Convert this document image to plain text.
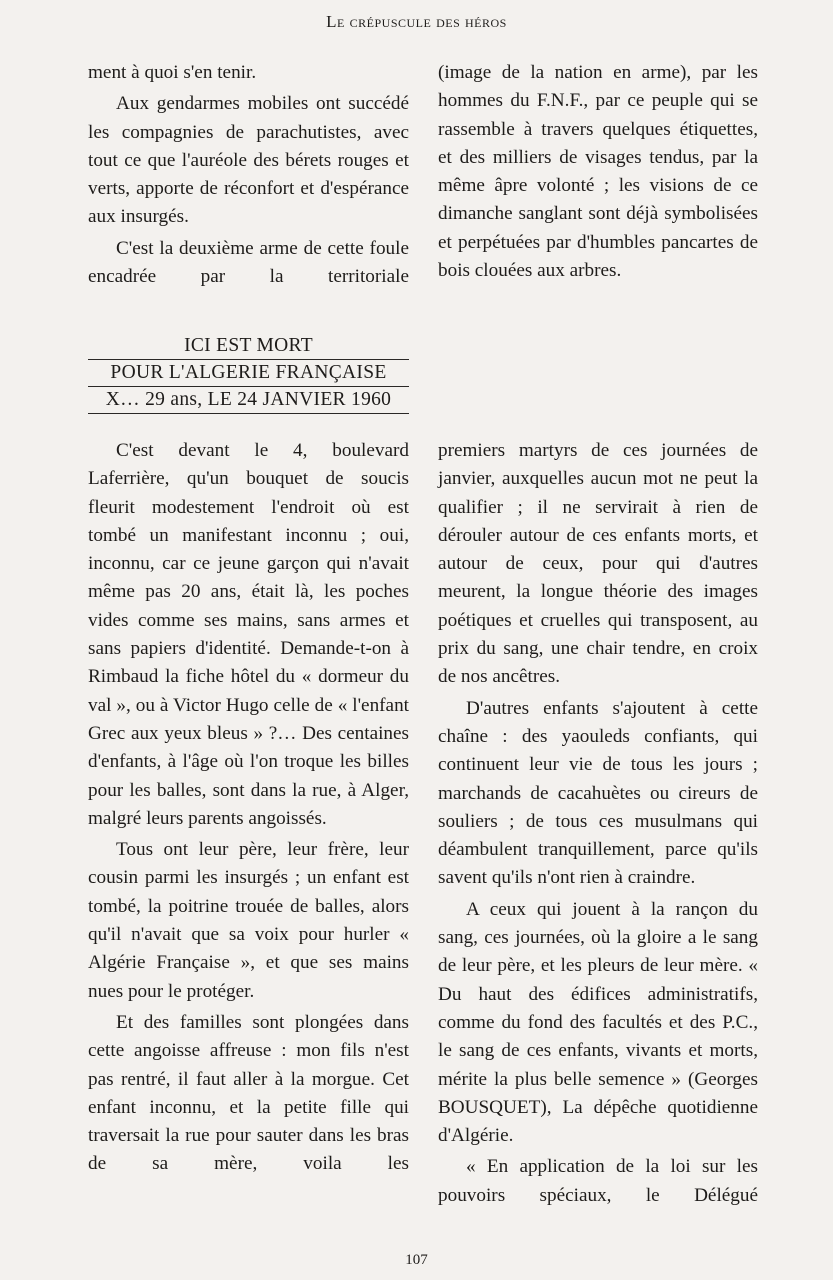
Le crépuscule des héros

ment à quoi s'en tenir.

Aux gendarmes mobiles ont succédé les compagnies de parachutistes, avec tout ce que l'auréole des bérets rouges et verts, apporte de réconfort et d'espérance aux insurgés.

C'est la deuxième arme de cette foule encadrée par la territoriale

(image de la nation en arme), par les hommes du F.N.F., par ce peuple qui se rassemble à travers quelques étiquettes, et des milliers de visages tendus, par la même âpre volonté ; les visions de ce dimanche sanglant sont déjà symbolisées et perpétuées par d'humbles pancartes de bois clouées aux arbres.

ICI EST MORT
POUR L'ALGERIE FRANÇAISE
X… 29 ans, LE 24 JANVIER 1960

C'est devant le 4, boulevard Laferrière, qu'un bouquet de soucis fleurit modestement l'endroit où est tombé un manifestant inconnu ; oui, inconnu, car ce jeune garçon qui n'avait même pas 20 ans, était là, les poches vides comme ses mains, sans armes et sans papiers d'identité. Demande-t-on à Rimbaud la fiche hôtel du « dormeur du val », ou à Victor Hugo celle de « l'enfant Grec aux yeux bleus » ?… Des centaines d'enfants, à l'âge où l'on troque les billes pour les balles, sont dans la rue, à Alger, malgré leurs parents angoissés.

Tous ont leur père, leur frère, leur cousin parmi les insurgés ; un enfant est tombé, la poitrine trouée de balles, alors qu'il n'avait que sa voix pour hurler « Algérie Française », et que ses mains nues pour le protéger.

Et des familles sont plongées dans cette angoisse affreuse : mon fils n'est pas rentré, il faut aller à la morgue. Cet enfant inconnu, et la petite fille qui traversait la rue pour sauter dans les bras de sa mère, voila les

premiers martyrs de ces journées de janvier, auxquelles aucun mot ne peut la qualifier ; il ne servirait à rien de dérouler autour de ces enfants morts, et autour de ceux, pour qui d'autres meurent, la longue théorie des images poétiques et cruelles qui transposent, au prix du sang, une chair tendre, en croix de nos ancêtres.

D'autres enfants s'ajoutent à cette chaîne : des yaouleds confiants, qui continuent leur vie de tous les jours ; marchands de cacahuètes ou cireurs de souliers ; de tous ces musulmans qui déambulent tranquillement, parce qu'ils savent qu'ils n'ont rien à craindre.

A ceux qui jouent à la rançon du sang, ces journées, où la gloire a le sang de leur père, et les pleurs de leur mère. « Du haut des édifices administratifs, comme du fond des facultés et des P.C., le sang de ces enfants, vivants et morts, mérite la plus belle semence » (Georges BOUSQUET), La dépêche quotidienne d'Algérie.

« En application de la loi sur les pouvoirs spéciaux, le Délégué

107
